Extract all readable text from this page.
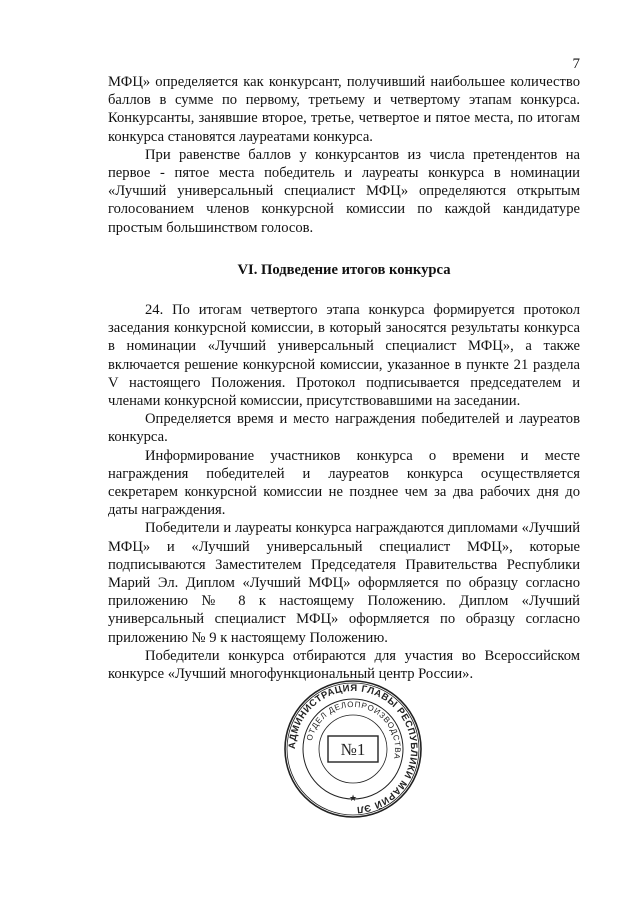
7

МФЦ» определяется как конкурсант, получивший наибольшее количество баллов в сумме по первому, третьему и четвертому этапам конкурса. Конкурсанты, занявшие второе, третье, четвертое и пятое места, по итогам конкурса становятся лауреатами конкурса.

При равенстве баллов у конкурсантов из числа претендентов на первое - пятое места победитель и лауреаты конкурса в номинации «Лучший универсальный специалист МФЦ» определяются открытым голосованием членов конкурсной комиссии по каждой кандидатуре простым большинством голосов.

VI. Подведение итогов конкурса

24. По итогам четвертого этапа конкурса формируется протокол заседания конкурсной комиссии, в который заносятся результаты конкурса в номинации «Лучший универсальный специалист МФЦ», а также включается решение конкурсной комиссии, указанное в пункте 21 раздела V настоящего Положения. Протокол подписывается председателем и членами конкурсной комиссии, присутствовавшими на заседании.

Определяется время и место награждения победителей и лауреатов конкурса.

Информирование участников конкурса о времени и месте награждения победителей и лауреатов конкурса осуществляется секретарем конкурсной комиссии не позднее чем за два рабочих дня до даты награждения.

Победители и лауреаты конкурса награждаются дипломами «Лучший МФЦ» и «Лучший универсальный специалист МФЦ», которые подписываются Заместителем Председателя Правительства Республики Марий Эл. Диплом «Лучший МФЦ» оформляется по образцу согласно приложению № 8 к настоящему Положению. Диплом «Лучший универсальный специалист МФЦ» оформляется по образцу согласно приложению № 9 к настоящему Положению.

Победители конкурса отбираются для участия во Всероссийском конкурсе «Лучший многофункциональный центр России».

АДМИНИСТРАЦИЯ ГЛАВЫ РЕСПУБЛИКИ МАРИЙ ЭЛ
ОТДЕЛ ДЕЛОПРОИЗВОДСТВА
№1
★
